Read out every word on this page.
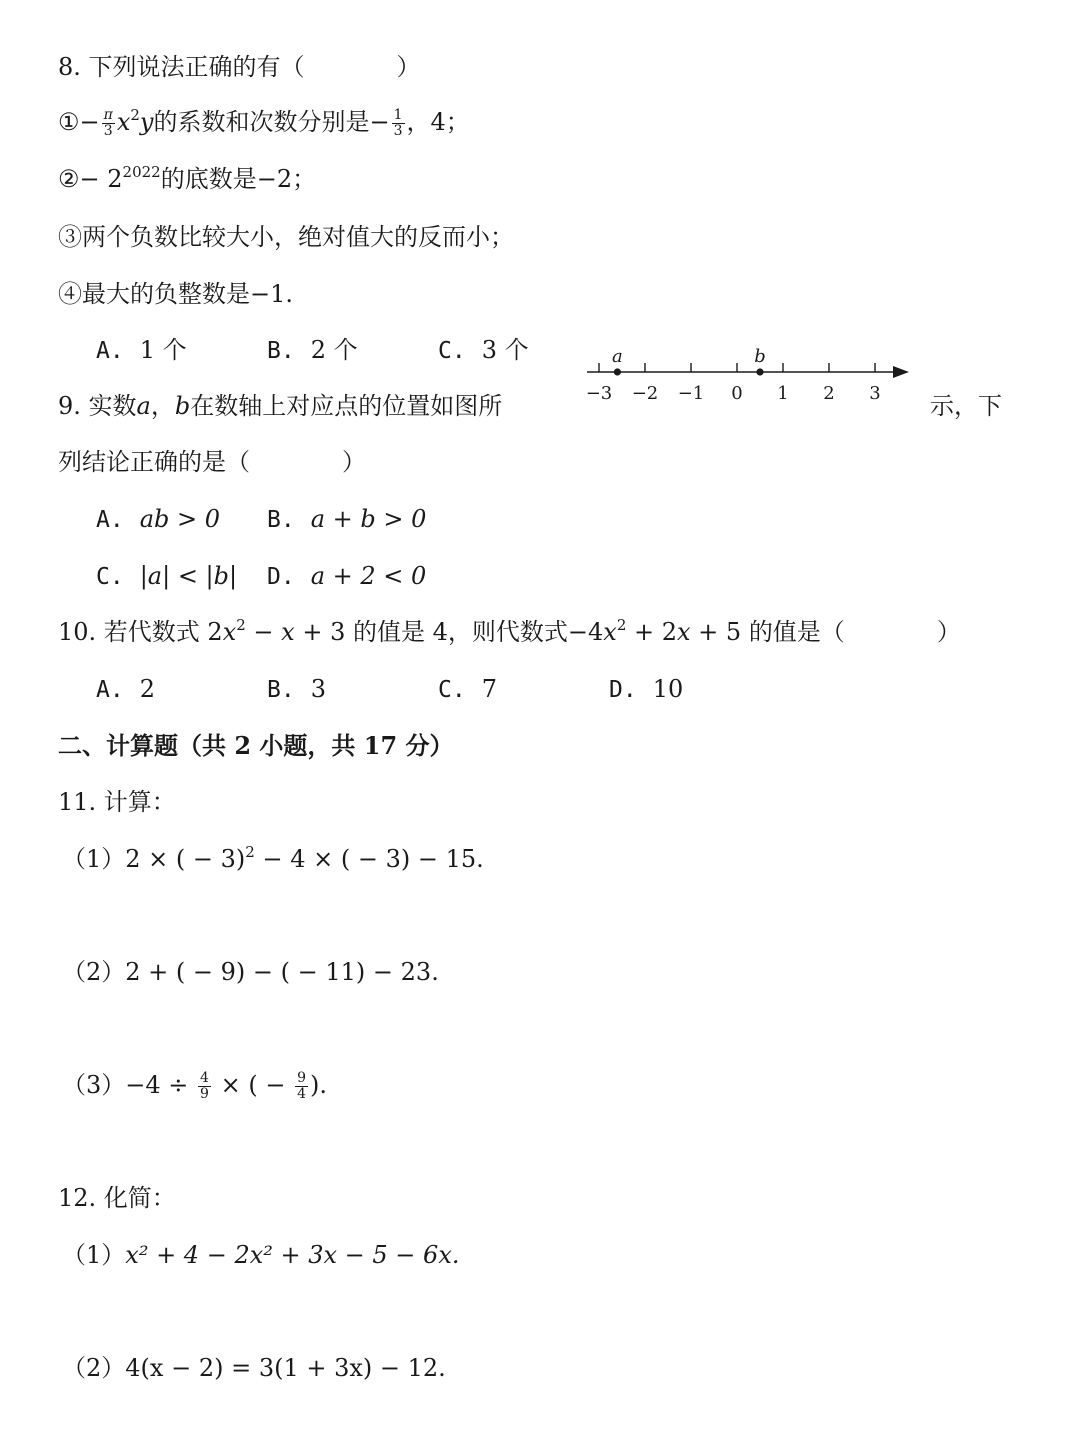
8. 下列说法正确的有（	）
①− $\frac{\pi}{3} x^2y$的系数和次数分别是− $\frac{1}{3}$ ，4；
②− $2^{2022}$的底数是−2；
③两个负数比较大小，绝对值大的反而小；
④最大的负整数是−1.
A. 1 个	B. 2 个	C. 3 个
−3 −2 −1 0 1 2 3
a	b
9. 实数a，b在数轴上对应点的位置如图所	示，下
列结论正确的是（	）
A. ab > 0 B. a + b > 0
C. |a| < |b| D. a + 2 < 0
10. 若代数式 $2x^2 - x + 3$ 的值是 4，则代数式$-4x^2 + 2x + 5$ 的值是（	）
A. 2	B. 3	C. 7	D. 10
二、计算题（共 2 小题，共 17 分）
11. 计算：
（1）2 × ( − 3)$^2$ − 4 × ( − 3) − 15.
（2）2 + ( − 9) − ( − 11) − 23.
$(3)-4 \div \frac{4}{9}$ × ( − $\frac{9}{4}$ ).
12. 化简：
（1）x² + 4 − 2x² + 3x − 5 − 6x.
（2）4(x − 2) = 3(1 + 3x) − 12.
